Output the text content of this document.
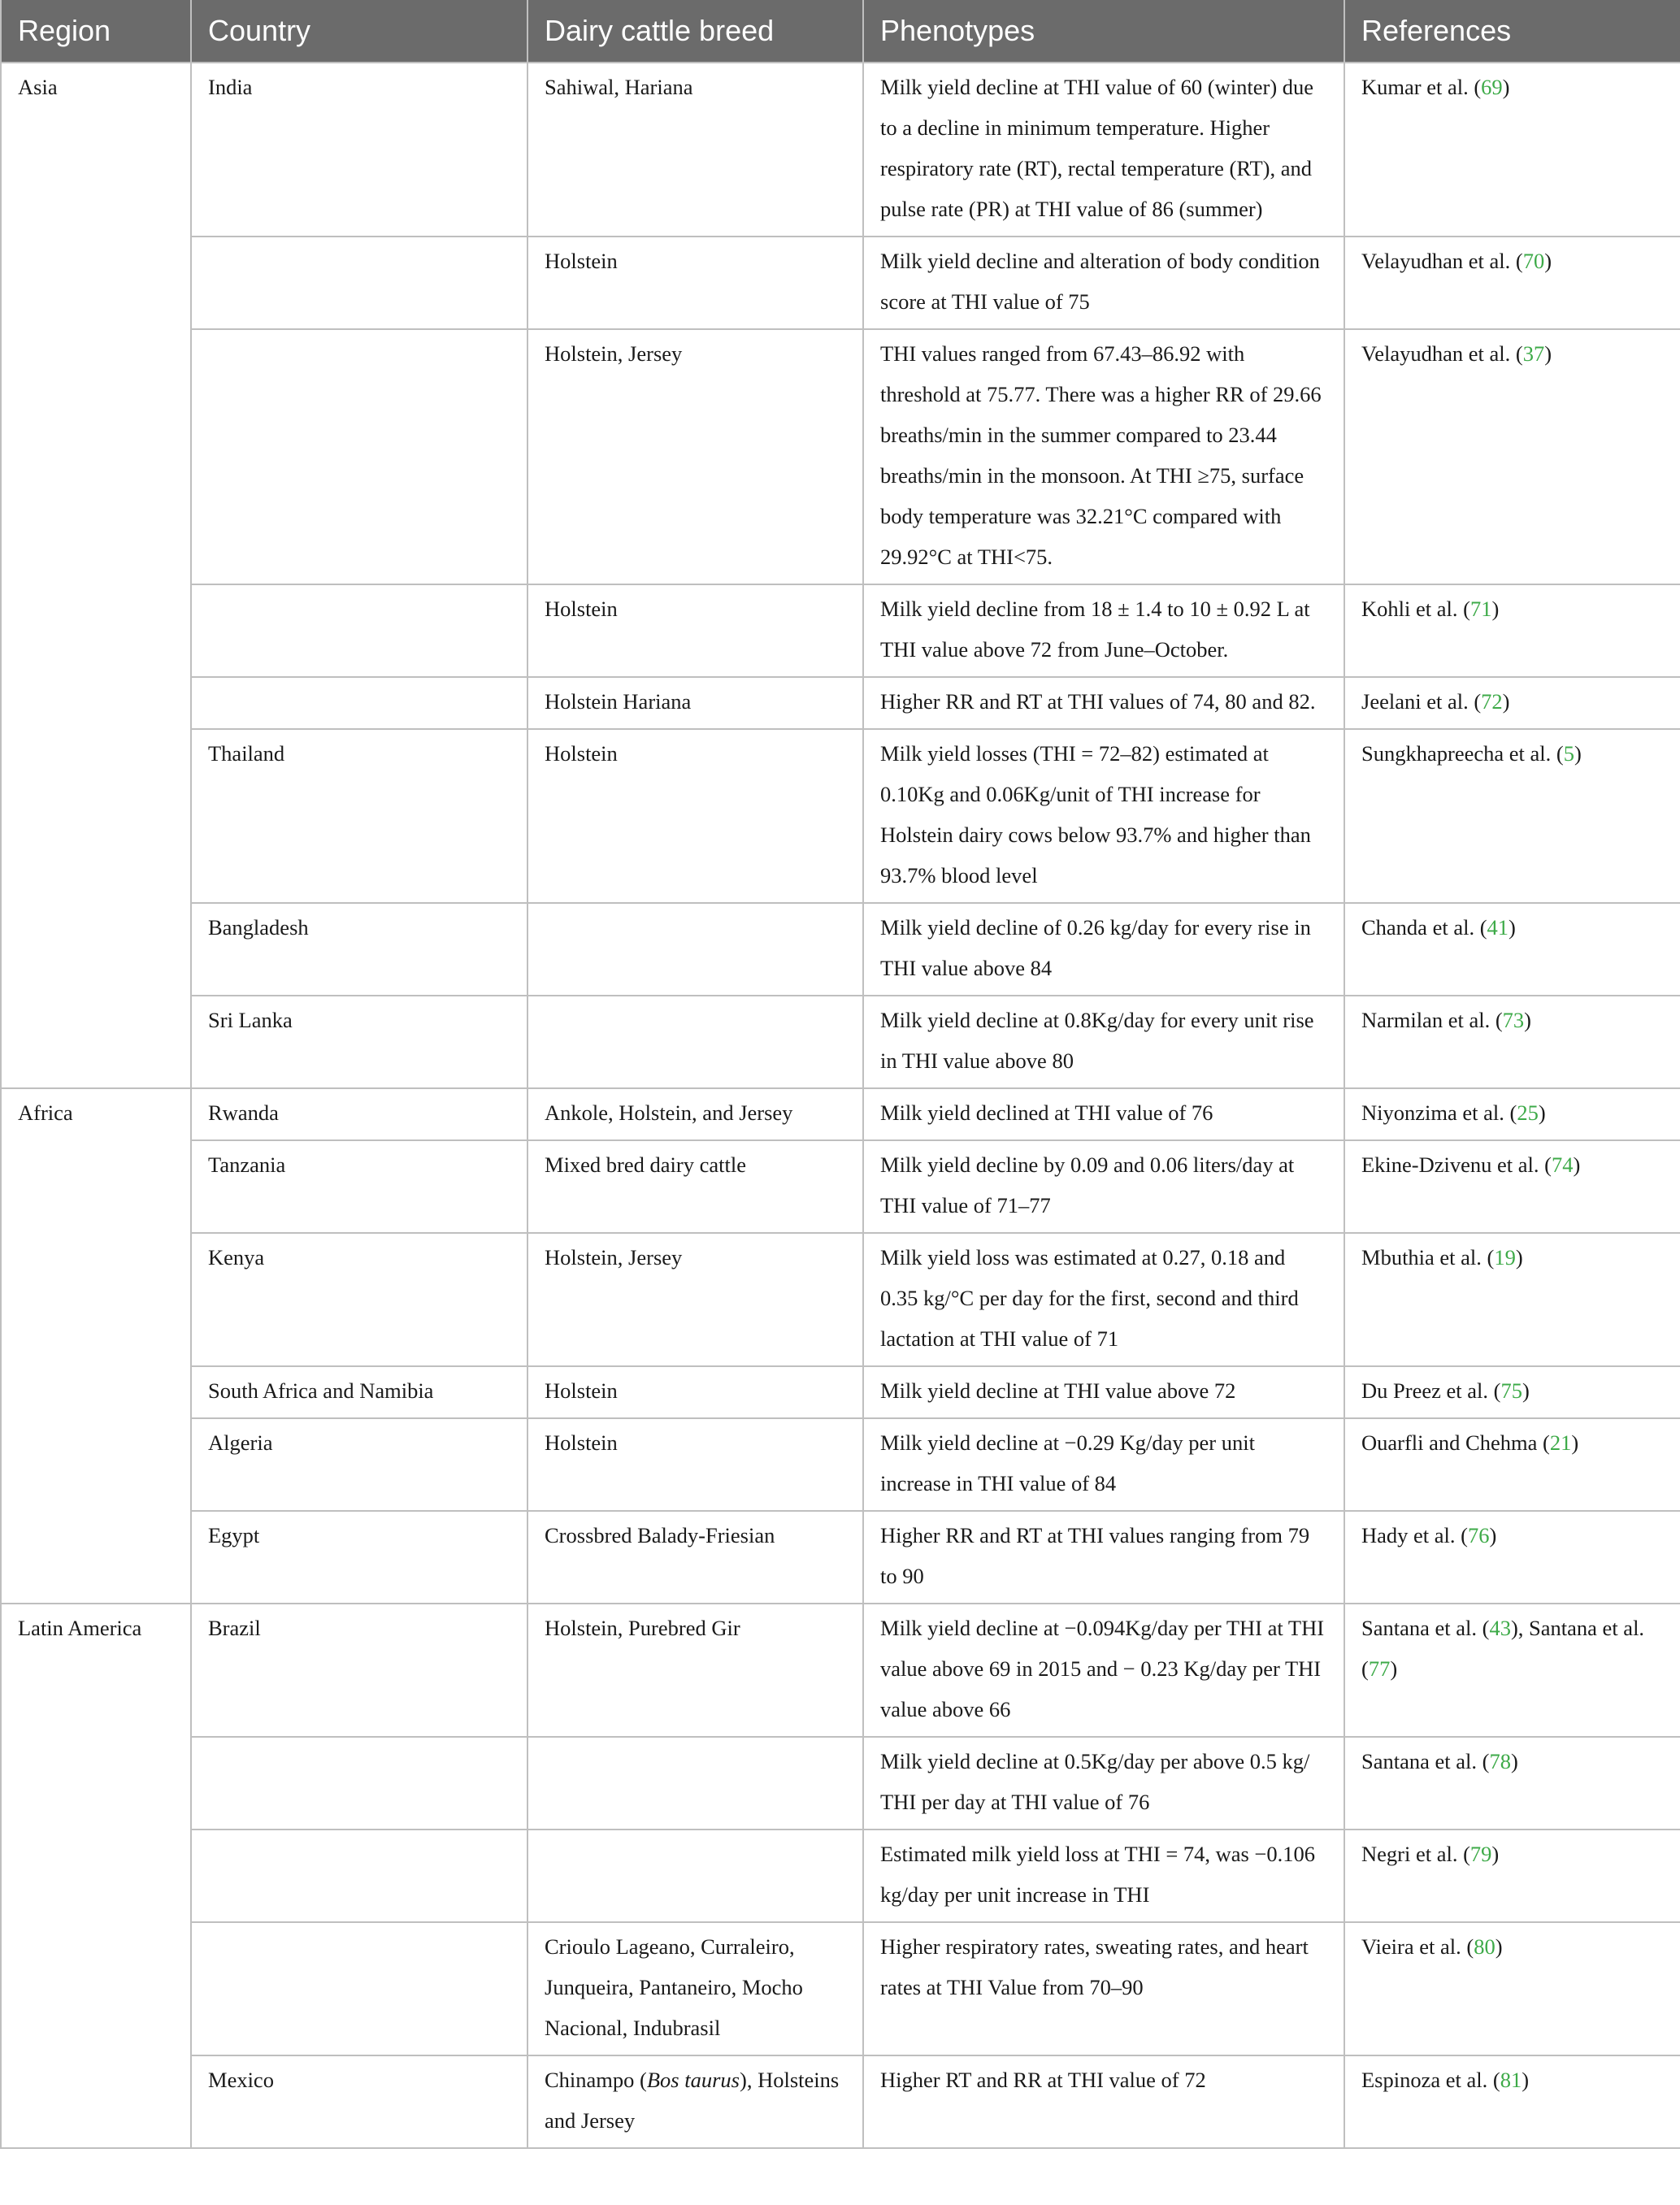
Region	Country	Dairy cattle breed	Phenotypes	References
Asia	India	Sahiwal, Hariana	Milk yield decline at THI value of 60 (winter) due to a decline in minimum temperature. Higher respiratory rate (RT), rectal temperature (RT), and pulse rate (PR) at THI value of 86 (summer)	Kumar et al. (69)
		Holstein	Milk yield decline and alteration of body condition score at THI value of 75	Velayudhan et al. (70)
		Holstein, Jersey	THI values ranged from 67.43–86.92 with threshold at 75.77. There was a higher RR of 29.66 breaths/min in the summer compared to 23.44 breaths/min in the monsoon. At THI ≥75, surface body temperature was 32.21°C compared with 29.92°C at THI<75.	Velayudhan et al. (37)
		Holstein	Milk yield decline from 18 ± 1.4 to 10 ± 0.92 L at THI value above 72 from June–October.	Kohli et al. (71)
		Holstein Hariana	Higher RR and RT at THI values of 74, 80 and 82.	Jeelani et al. (72)
	Thailand	Holstein	Milk yield losses (THI = 72–82) estimated at 0.10Kg and 0.06Kg/unit of THI increase for Holstein dairy cows below 93.7% and higher than 93.7% blood level	Sungkhapreecha et al. (5)
	Bangladesh		Milk yield decline of 0.26 kg/day for every rise in THI value above 84	Chanda et al. (41)
	Sri Lanka		Milk yield decline at 0.8Kg/day for every unit rise in THI value above 80	Narmilan et al. (73)
Africa	Rwanda	Ankole, Holstein, and Jersey	Milk yield declined at THI value of 76	Niyonzima et al. (25)
	Tanzania	Mixed bred dairy cattle	Milk yield decline by 0.09 and 0.06 liters/day at THI value of 71–77	Ekine-Dzivenu et al. (74)
	Kenya	Holstein, Jersey	Milk yield loss was estimated at 0.27, 0.18 and 0.35 kg/°C per day for the first, second and third lactation at THI value of 71	Mbuthia et al. (19)
	South Africa and Namibia	Holstein	Milk yield decline at THI value above 72	Du Preez et al. (75)
	Algeria	Holstein	Milk yield decline at −0.29 Kg/day per unit increase in THI value of 84	Ouarfli and Chehma (21)
	Egypt	Crossbred Balady-Friesian	Higher RR and RT at THI values ranging from 79 to 90	Hady et al. (76)
Latin America	Brazil	Holstein, Purebred Gir	Milk yield decline at −0.094Kg/day per THI at THI value above 69 in 2015 and − 0.23 Kg/day per THI value above 66	Santana et al. (43), Santana et al. (77)
			Milk yield decline at 0.5Kg/day per above 0.5 kg/ THI per day at THI value of 76	Santana et al. (78)
			Estimated milk yield loss at THI = 74, was −0.106 kg/day per unit increase in THI	Negri et al. (79)
		Crioulo Lageano, Curraleiro, Junqueira, Pantaneiro, Mocho Nacional, Indubrasil	Higher respiratory rates, sweating rates, and heart rates at THI Value from 70–90	Vieira et al. (80)
	Mexico	Chinampo (Bos taurus), Holsteins and Jersey	Higher RT and RR at THI value of 72	Espinoza et al. (81)
